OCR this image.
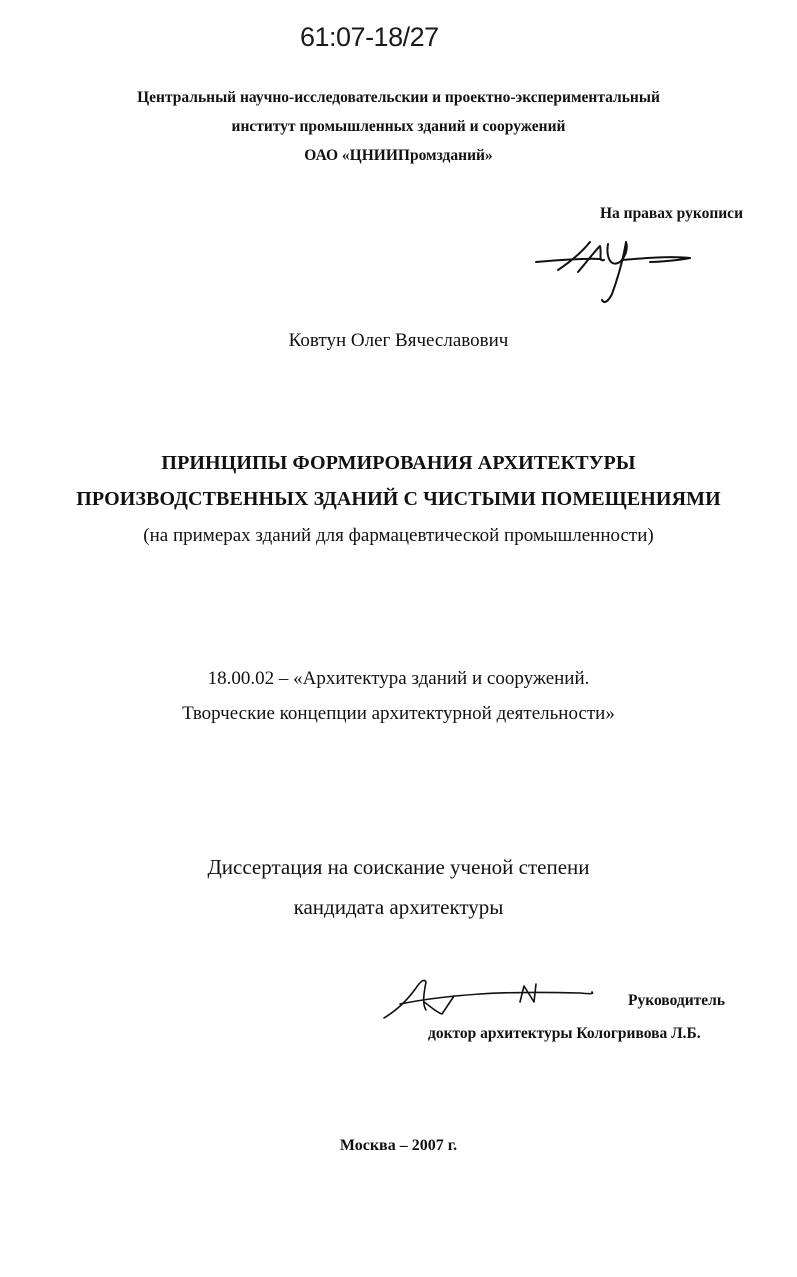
61:07-18/27
Центральный научно-исследовательскии и проектно-экспериментальный
институт промышленных зданий и сооружений
ОАО «ЦНИИПромзданий»
На правах рукописи
Ковтун Олег Вячеславович
ПРИНЦИПЫ ФОРМИРОВАНИЯ АРХИТЕКТУРЫ
ПРОИЗВОДСТВЕННЫХ ЗДАНИЙ С ЧИСТЫМИ ПОМЕЩЕНИЯМИ
(на примерах зданий для фармацевтической промышленности)
18.00.02 – «Архитектура зданий и сооружений.
Творческие концепции архитектурной деятельности»
Диссертация на соискание ученой степени
кандидата архитектуры
Руководитель
доктор архитектуры Кологривова Л.Б.
Москва – 2007 г.
